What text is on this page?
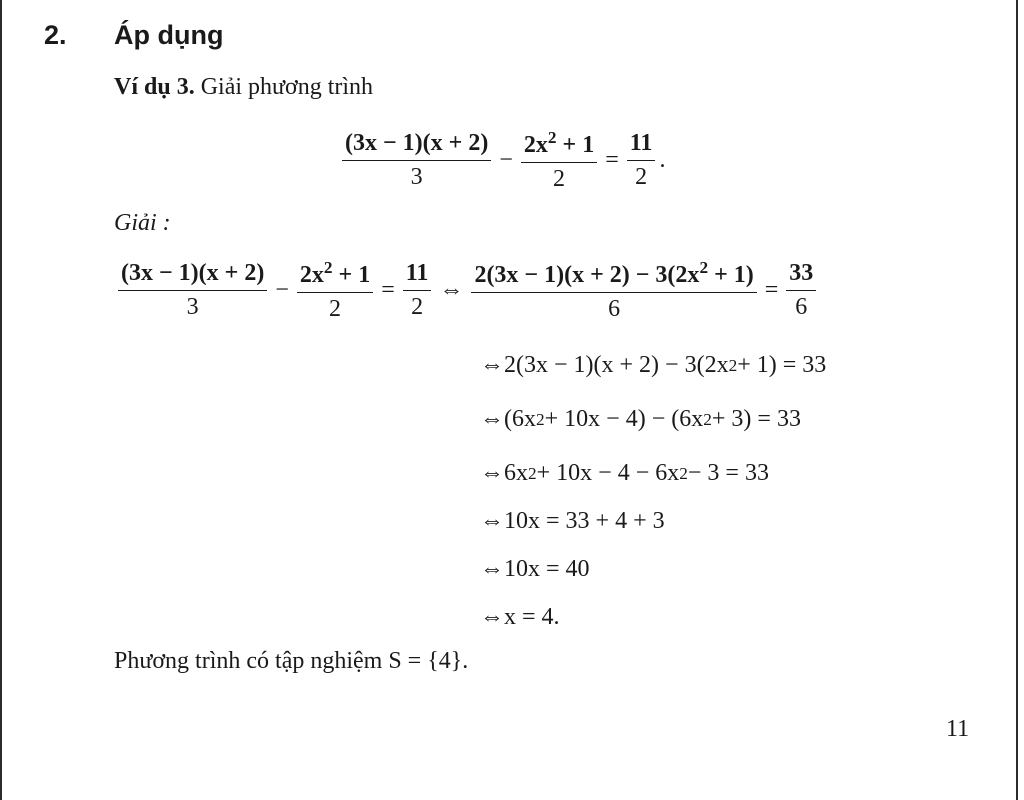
2. Áp dụng
Ví dụ 3. Giải phương trình
$\frac{(3x - 1)(x + 2)}{3} - \frac{2x^2 + 1}{2} = \frac{11}{2}$ .
Giải :
$\frac{(3x - 1)(x + 2)}{3} - \frac{2x^2 + 1}{2} = \frac{11}{2}$ ⇔ $\frac{2(3x - 1)(x + 2) - 3(2x^2 + 1)}{6} = \frac{33}{6}$
⇔ 2(3x − 1)(x + 2) − 3(2x 2 + 1) = 33
⇔ (6x 2 + 10x − 4) − (6x 2 + 3) = 33
⇔ 6x 2 + 10x − 4 − 6x 2 − 3 = 33
⇔ 10x = 33 + 4 + 3
⇔ 10x = 40
⇔ x = 4.
Phương trình có tập nghiệm S = {4}.
11
